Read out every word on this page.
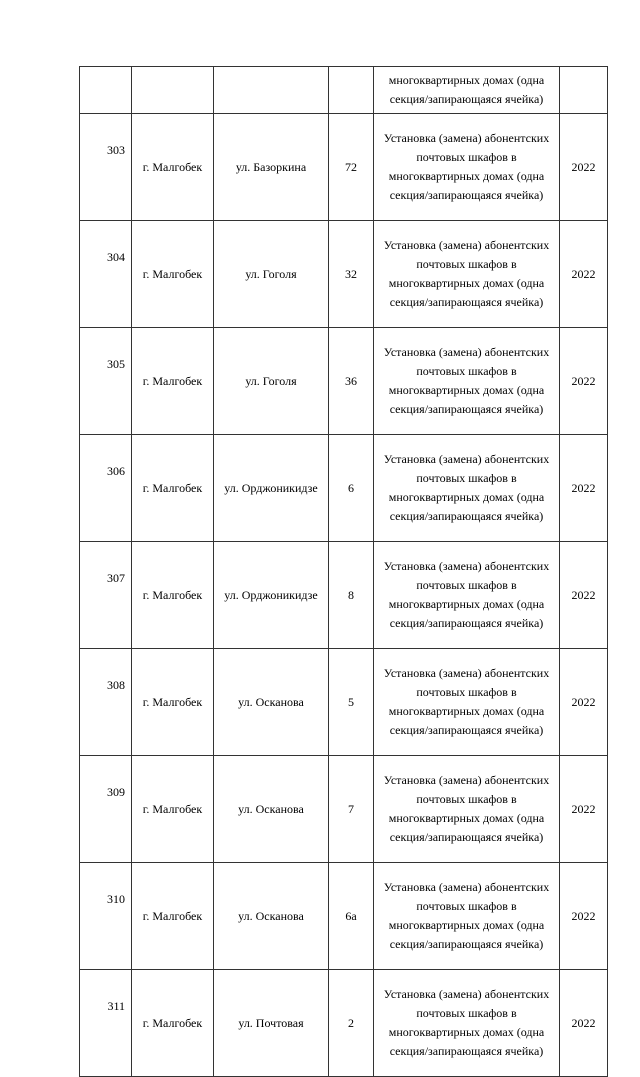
				многоквартирных домах (одна секция/запирающаяся ячейка)	
303	г. Малгобек	ул. Базоркина	72	Установка (замена) абонентских почтовых шкафов в многоквартирных домах (одна секция/запирающаяся ячейка)	2022
304	г. Малгобек	ул. Гоголя	32	Установка (замена) абонентских почтовых шкафов в многоквартирных домах (одна секция/запирающаяся ячейка)	2022
305	г. Малгобек	ул. Гоголя	36	Установка (замена) абонентских почтовых шкафов в многоквартирных домах (одна секция/запирающаяся ячейка)	2022
306	г. Малгобек	ул. Орджоникидзе	6	Установка (замена) абонентских почтовых шкафов в многоквартирных домах (одна секция/запирающаяся ячейка)	2022
307	г. Малгобек	ул. Орджоникидзе	8	Установка (замена) абонентских почтовых шкафов в многоквартирных домах (одна секция/запирающаяся ячейка)	2022
308	г. Малгобек	ул. Осканова	5	Установка (замена) абонентских почтовых шкафов в многоквартирных домах (одна секция/запирающаяся ячейка)	2022
309	г. Малгобек	ул. Осканова	7	Установка (замена) абонентских почтовых шкафов в многоквартирных домах (одна секция/запирающаяся ячейка)	2022
310	г. Малгобек	ул. Осканова	6а	Установка (замена) абонентских почтовых шкафов в многоквартирных домах (одна секция/запирающаяся ячейка)	2022
311	г. Малгобек	ул. Почтовая	2	Установка (замена) абонентских почтовых шкафов в многоквартирных домах (одна секция/запирающаяся ячейка)	2022
